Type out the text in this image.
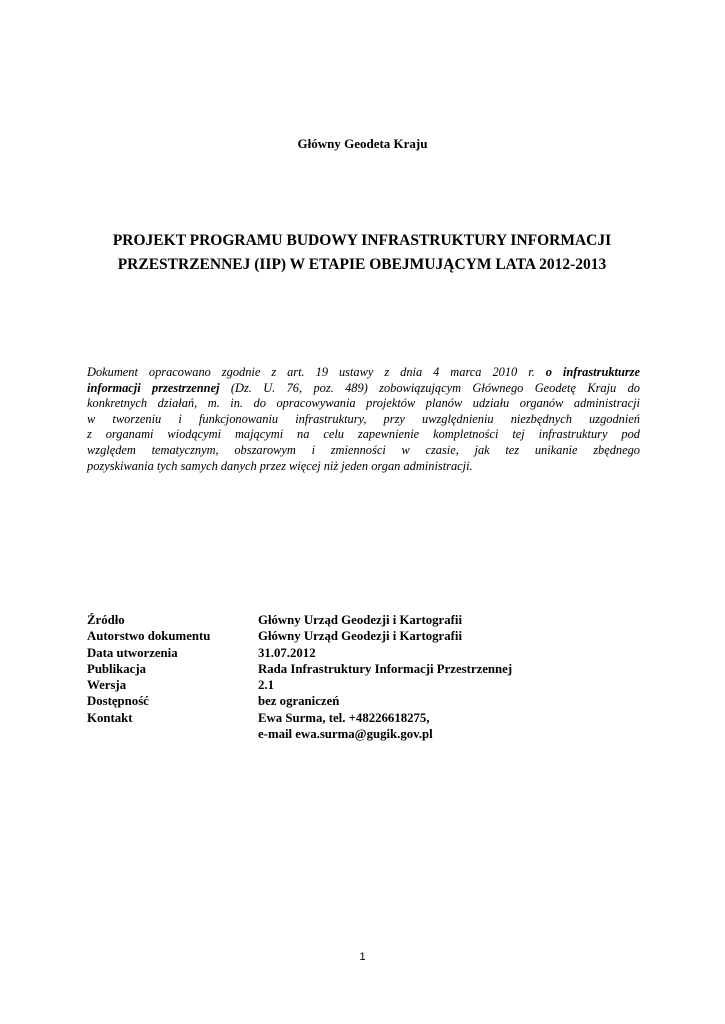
Główny Geodeta Kraju
PROJEKT PROGRAMU BUDOWY INFRASTRUKTURY INFORMACJI
PRZESTRZENNEJ (IIP) W ETAPIE OBEJMUJĄCYM LATA 2012-2013

Dokument opracowano zgodnie z art. 19 ustawy z dnia 4 marca 2010 r. o infrastrukturze
informacji przestrzennej (Dz. U. 76, poz. 489) zobowiązującym Głównego Geodetę Kraju do
konkretnych działań, m. in. do opracowywania projektów planów udziału organów administracji
w tworzeniu i funkcjonowaniu infrastruktury, przy uwzględnieniu niezbędnych uzgodnień
z organami wiodącymi mającymi na celu zapewnienie kompletności tej infrastruktury pod
względem tematycznym, obszarowym i zmienności w czasie, jak tez unikanie zbędnego
pozyskiwania tych samych danych przez więcej niż jeden organ administracji.

Źródło	Główny Urząd Geodezji i Kartografii
Autorstwo dokumentu	Główny Urząd Geodezji i Kartografii
Data utworzenia	31.07.2012
Publikacja	Rada Infrastruktury Informacji Przestrzennej
Wersja	2.1
Dostępność	bez ograniczeń
Kontakt	Ewa Surma, tel. +48226618275,
	e-mail ewa.surma@gugik.gov.pl
1
